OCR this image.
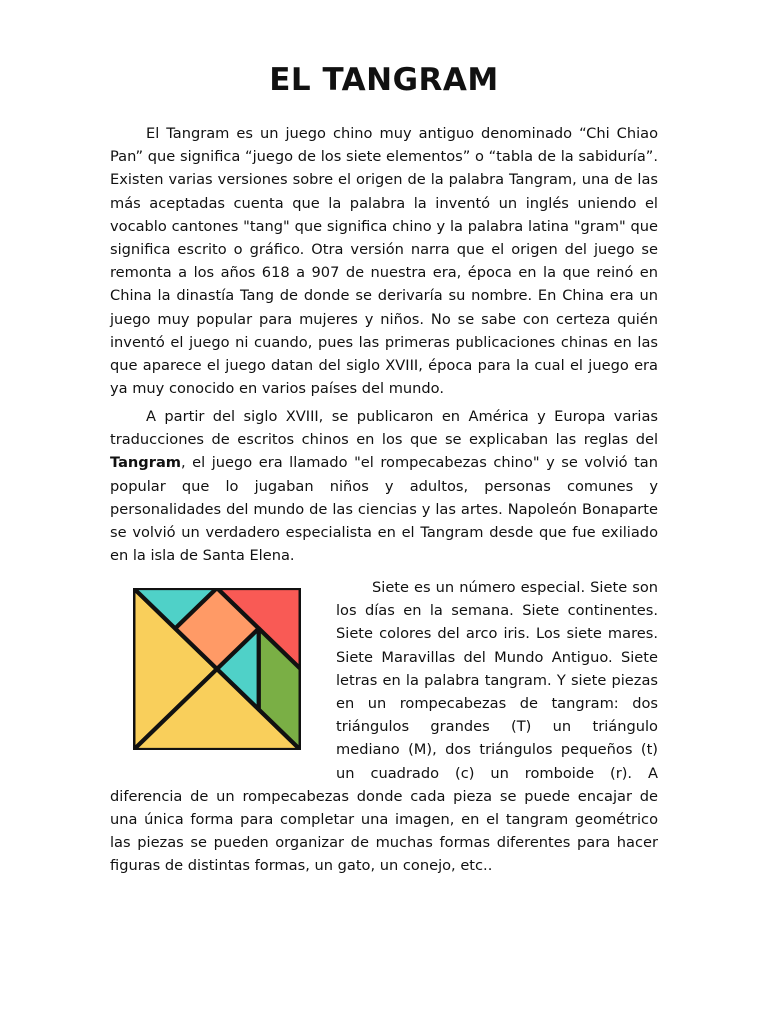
EL TANGRAM

El Tangram es un juego chino muy antiguo denominado “Chi Chiao Pan” que significa “juego de los siete elementos” o “tabla de la sabiduría”. Existen varias versiones sobre el origen de la palabra Tangram, una de las más aceptadas cuenta que la palabra la inventó un inglés uniendo el vocablo cantones "tang" que significa chino y la palabra latina "gram" que significa escrito o gráfico. Otra versión narra que el origen del juego se remonta a los años 618 a 907 de nuestra era, época en la que reinó en China la dinastía Tang de donde se derivaría su nombre. En China era un juego muy popular para mujeres y niños. No se sabe con certeza quién inventó el juego ni cuando, pues las primeras publicaciones chinas en las que aparece el juego datan del siglo XVIII, época para la cual el juego era ya muy conocido en varios países del mundo.

A partir del siglo XVIII, se publicaron en América y Europa varias traducciones de escritos chinos en los que se explicaban las reglas del Tangram, el juego era llamado "el rompecabezas chino" y se volvió tan popular que lo jugaban niños y adultos, personas comunes y personalidades del mundo de las ciencias y las artes. Napoleón Bonaparte se volvió un verdadero especialista en el Tangram desde que fue exiliado en la isla de Santa Elena.

Siete es un número especial. Siete son los días en la semana. Siete continentes. Siete colores del arco iris. Los siete mares. Siete Maravillas del Mundo Antiguo. Siete letras en la palabra tangram. Y siete piezas en un rompecabezas de tangram: dos triángulos grandes (T) un triángulo mediano (M), dos triángulos pequeños (t) un cuadrado (c) un romboide (r). A diferencia de un rompecabezas donde cada pieza se puede encajar de una única forma para completar una imagen, en el tangram geométrico las piezas se pueden organizar de muchas formas diferentes para hacer figuras de distintas formas, un gato, un conejo, etc..
